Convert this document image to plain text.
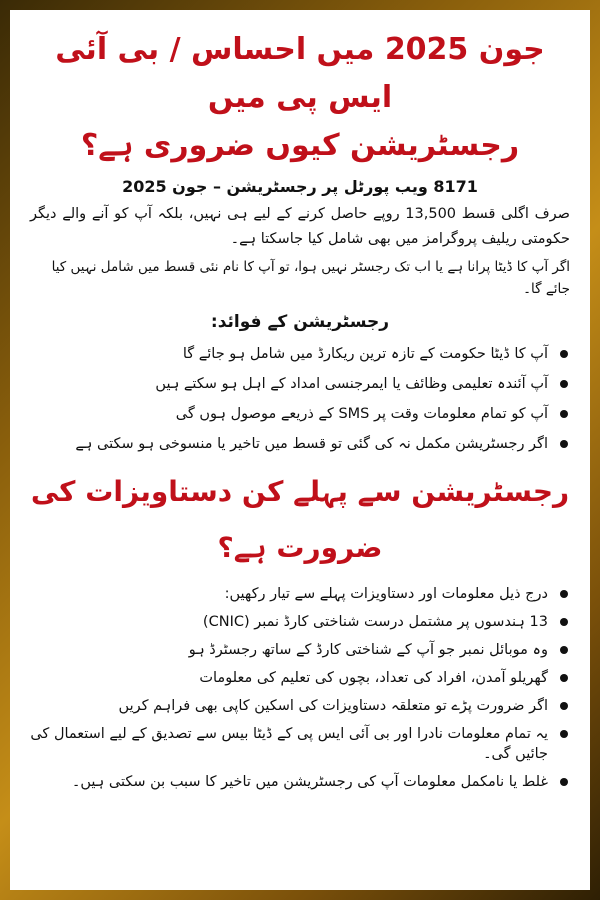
جون 2025 میں احساس / بی آئی ایس پی میں
رجسٹریشن کیوں ضروری ہے؟

8171 ویب پورٹل پر رجسٹریشن – جون 2025

صرف اگلی قسط 13,500 روپے حاصل کرنے کے لیے ہی نہیں، بلکہ آپ کو آنے والے دیگر حکومتی ریلیف پروگرامز میں بھی شامل کیا جاسکتا ہے۔

اگر آپ کا ڈیٹا پرانا ہے یا اب تک رجسٹر نہیں ہوا، تو آپ کا نام نئی قسط میں شامل نہیں کیا جائے گا۔

رجسٹریشن کے فوائد:
آپ کا ڈیٹا حکومت کے تازہ ترین ریکارڈ میں شامل ہو جائے گا
آپ آئندہ تعلیمی وظائف یا ایمرجنسی امداد کے اہل ہو سکتے ہیں
آپ کو تمام معلومات وقت پر SMS کے ذریعے موصول ہوں گی
اگر رجسٹریشن مکمل نہ کی گئی تو قسط میں تاخیر یا منسوخی ہو سکتی ہے
رجسٹریشن سے پہلے کن دستاویزات کی ضرورت ہے؟
درج ذیل معلومات اور دستاویزات پہلے سے تیار رکھیں:
13 ہندسوں پر مشتمل درست شناختی کارڈ نمبر (CNIC)
وہ موبائل نمبر جو آپ کے شناختی کارڈ کے ساتھ رجسٹرڈ ہو
گھریلو آمدن، افراد کی تعداد، بچوں کی تعلیم کی معلومات
اگر ضرورت پڑے تو متعلقہ دستاویزات کی اسکین کاپی بھی فراہم کریں
یہ تمام معلومات نادرا اور بی آئی ایس پی کے ڈیٹا بیس سے تصدیق کے لیے استعمال کی جائیں گی۔
غلط یا نامکمل معلومات آپ کی رجسٹریشن میں تاخیر کا سبب بن سکتی ہیں۔
